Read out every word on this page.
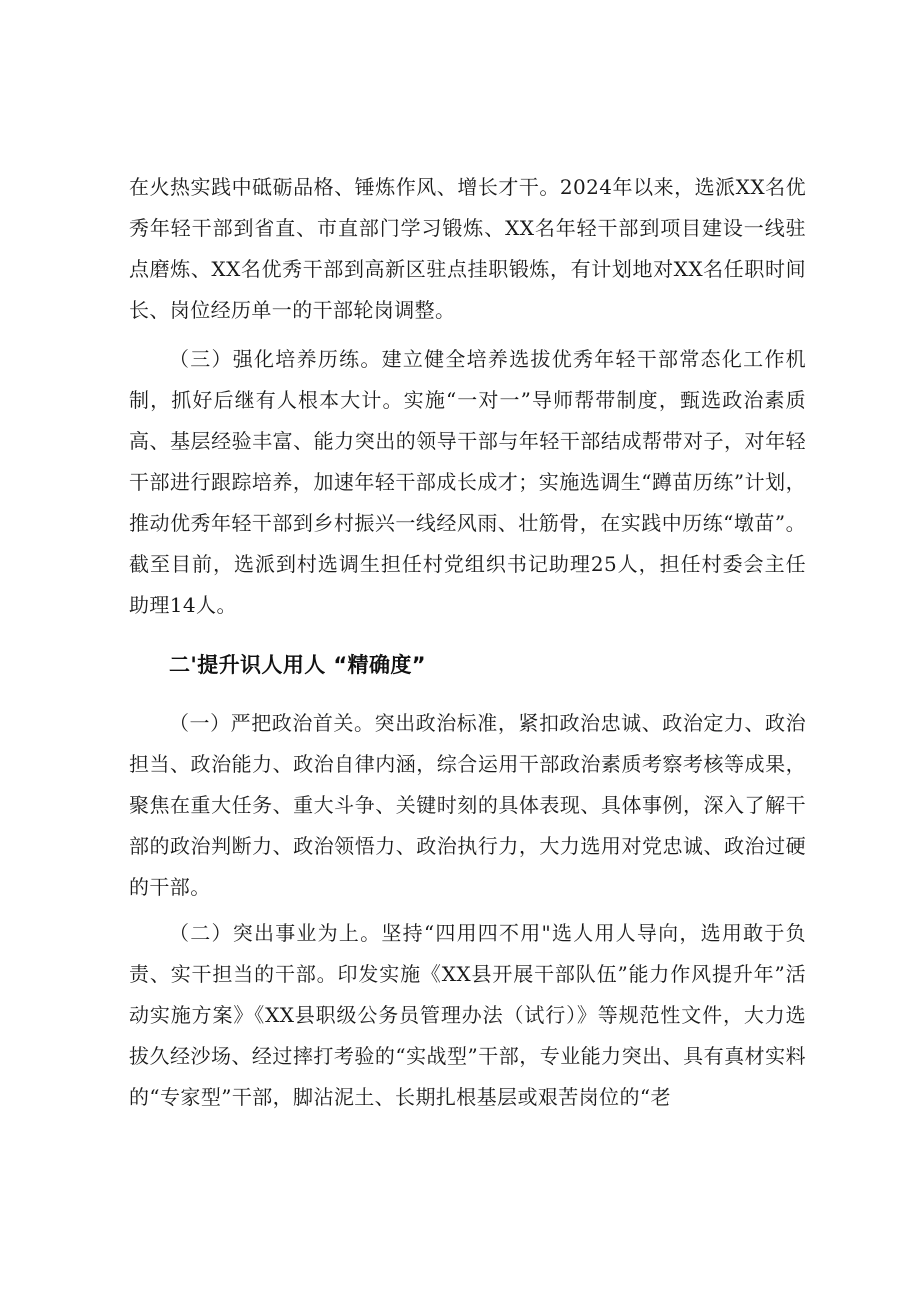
在火热实践中砥砺品格、锤炼作风、增长才干。2024年以来，选派XX名优秀年轻干部到省直、市直部门学习锻炼、XX名年轻干部到项目建设一线驻点磨炼、XX名优秀干部到高新区驻点挂职锻炼，有计划地对XX名任职时间长、岗位经历单一的干部轮岗调整。

（三）强化培养历练。建立健全培养选拔优秀年轻干部常态化工作机制，抓好后继有人根本大计。实施“一对一”导师帮带制度，甄选政治素质高、基层经验丰富、能力突出的领导干部与年轻干部结成帮带对子，对年轻干部进行跟踪培养，加速年轻干部成长成才；实施选调生“蹲苗历练”计划，推动优秀年轻干部到乡村振兴一线经风雨、壮筋骨，在实践中历练“墩苗”。截至目前，选派到村选调生担任村党组织书记助理25人，担任村委会主任助理14人。

二'提升识人用人 “精确度”

（一）严把政治首关。突出政治标准，紧扣政治忠诚、政治定力、政治担当、政治能力、政治自律内涵，综合运用干部政治素质考察考核等成果，聚焦在重大任务、重大斗争、关键时刻的具体表现、具体事例，深入了解干部的政治判断力、政治领悟力、政治执行力，大力选用对党忠诚、政治过硬的干部。

（二）突出事业为上。坚持“四用四不用"选人用人导向，选用敢于负责、实干担当的干部。印发实施《XX县开展干部队伍”能力作风提升年”活动实施方案》《XX县职级公务员管理办法（试行）》等规范性文件，大力选拔久经沙场、经过摔打考验的“实战型”干部，专业能力突出、具有真材实料的“专家型”干部，脚沾泥土、长期扎根基层或艰苦岗位的“老
